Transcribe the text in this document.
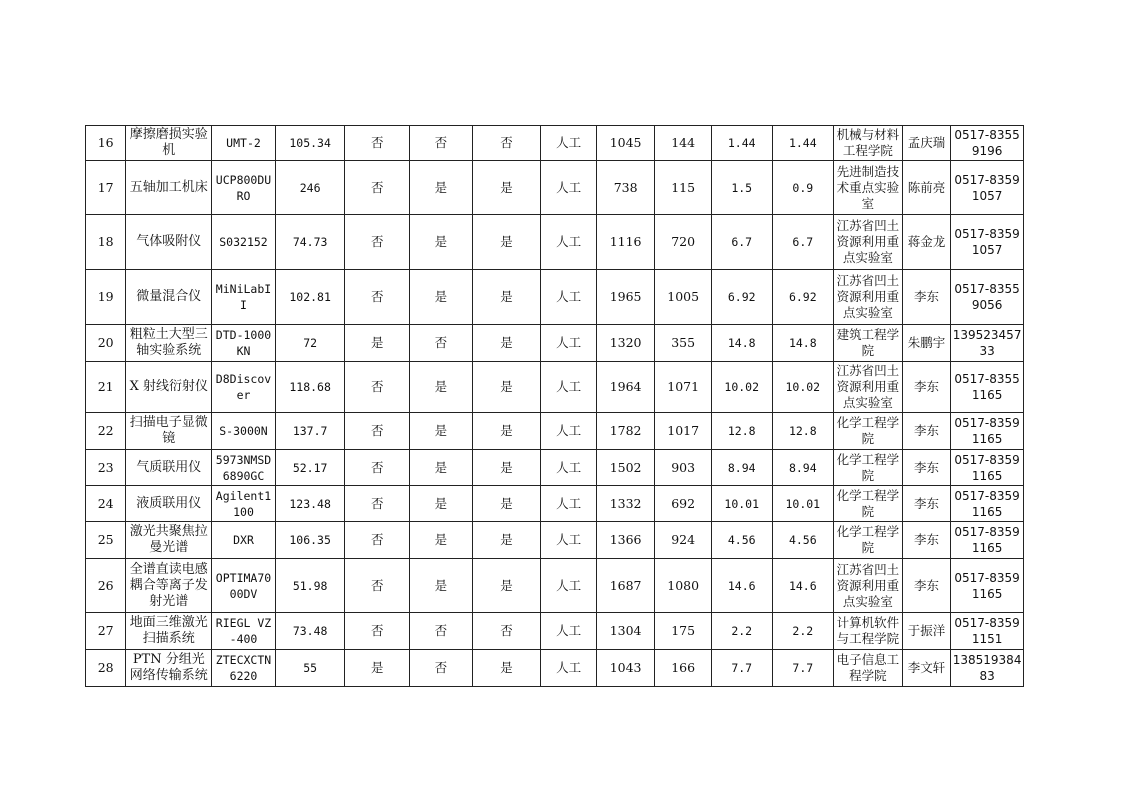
16	摩擦磨损实验机	UMT-2	105.34	否	否	否	人工	1045	144	1.44	1.44	机械与材料工程学院	孟庆瑞	0517-83559196
17	五轴加工机床	UCP800DURO	246	否	是	是	人工	738	115	1.5	0.9	先进制造技术重点实验室	陈前亮	0517-83591057
18	气体吸附仪	S032152	74.73	否	是	是	人工	1116	720	6.7	6.7	江苏省凹土资源利用重点实验室	蒋金龙	0517-83591057
19	微量混合仪	MiNiLabII	102.81	否	是	是	人工	1965	1005	6.92	6.92	江苏省凹土资源利用重点实验室	李东	0517-83559056
20	粗粒土大型三轴实验系统	DTD-1000KN	72	是	否	是	人工	1320	355	14.8	14.8	建筑工程学院	朱鹏宇	13952345733
21	X 射线衍射仪	D8Discover	118.68	否	是	是	人工	1964	1071	10.02	10.02	江苏省凹土资源利用重点实验室	李东	0517-83551165
22	扫描电子显微镜	S-3000N	137.7	否	是	是	人工	1782	1017	12.8	12.8	化学工程学院	李东	0517-83591165
23	气质联用仪	5973NMSD6890GC	52.17	否	是	是	人工	1502	903	8.94	8.94	化学工程学院	李东	0517-83591165
24	液质联用仪	Agilent1100	123.48	否	是	是	人工	1332	692	10.01	10.01	化学工程学院	李东	0517-83591165
25	激光共聚焦拉曼光谱	DXR	106.35	否	是	是	人工	1366	924	4.56	4.56	化学工程学院	李东	0517-83591165
26	全谱直读电感耦合等离子发射光谱	OPTIMA7000DV	51.98	否	是	是	人工	1687	1080	14.6	14.6	江苏省凹土资源利用重点实验室	李东	0517-83591165
27	地面三维激光扫描系统	RIEGL VZ-400	73.48	否	否	否	人工	1304	175	2.2	2.2	计算机软件与工程学院	于振洋	0517-83591151
28	PTN 分组光网络传输系统	ZTECXCTN6220	55	是	否	是	人工	1043	166	7.7	7.7	电子信息工程学院	李文轩	13851938483
